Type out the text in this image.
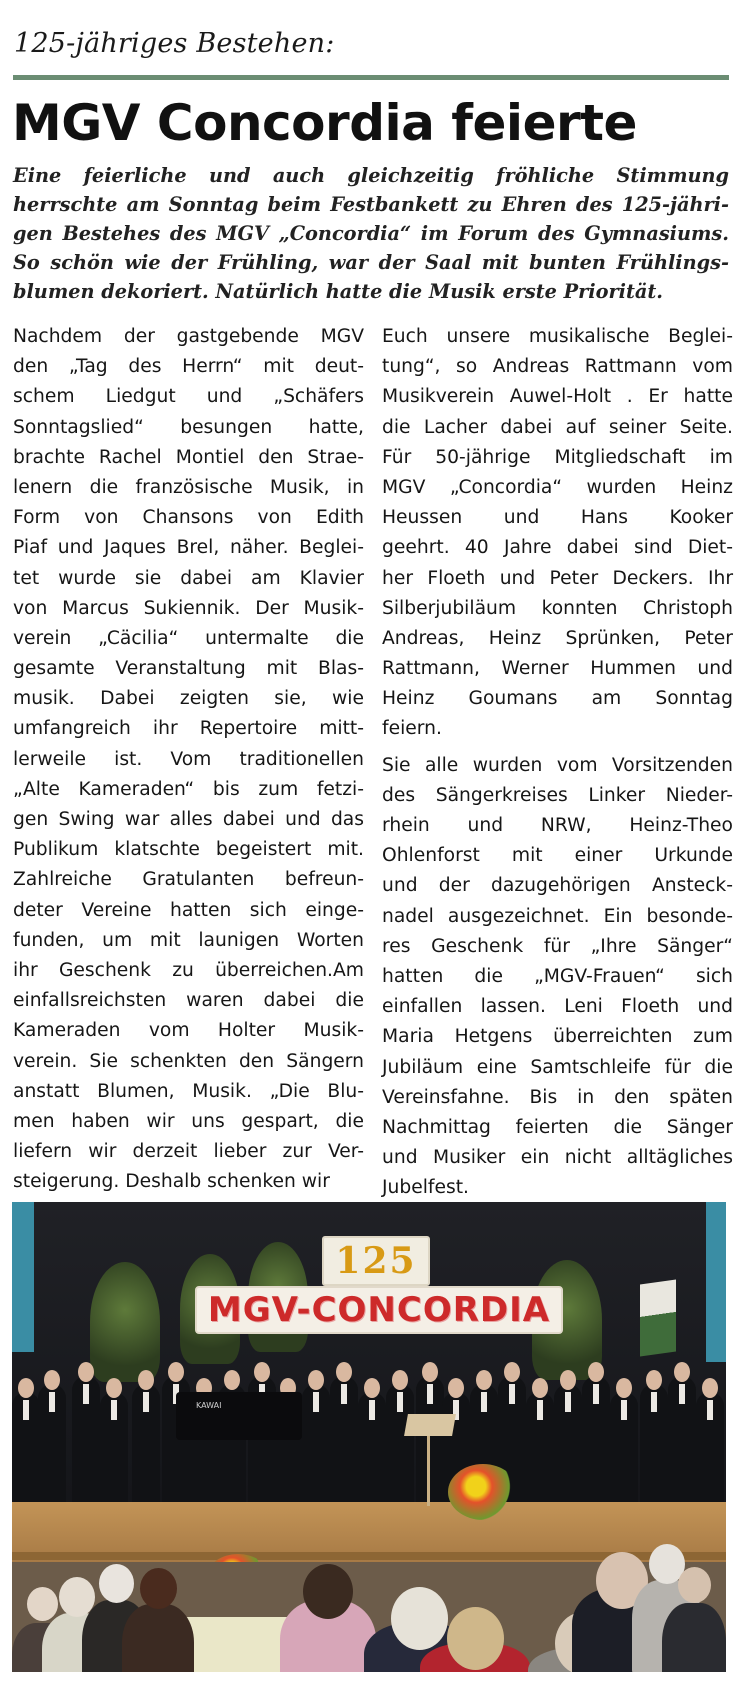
125-jähriges Bestehen:
MGV Concordia feierte
Eine feierliche und auch gleichzeitig fröhliche Stimmung
herrschte am Sonntag beim Festbankett zu Ehren des 125-jähri-
gen Bestehes des MGV „Concordia“ im Forum des Gymnasiums.
So schön wie der Frühling, war der Saal mit bunten Frühlings-
blumen dekoriert. Natürlich hatte die Musik erste Priorität.
Nachdem der gastgebende MGV
den „Tag des Herrn“ mit deut-
schem Liedgut und „Schäfers
Sonntagslied“ besungen hatte,
brachte Rachel Montiel den Strae-
lenern die französische Musik, in
Form von Chansons von Edith
Piaf und Jaques Brel, näher. Beglei-
tet wurde sie dabei am Klavier
von Marcus Sukiennik. Der Musik-
verein „Cäcilia“ untermalte die
gesamte Veranstaltung mit Blas-
musik. Dabei zeigten sie, wie
umfangreich ihr Repertoire mitt-
lerweile ist. Vom traditionellen
„Alte Kameraden“ bis zum fetzi-
gen Swing war alles dabei und das
Publikum klatschte begeistert mit.
Zahlreiche Gratulanten befreun-
deter Vereine hatten sich einge-
funden, um mit launigen Worten
ihr Geschenk zu überreichen.Am
einfallsreichsten waren dabei die
Kameraden vom Holter Musik-
verein. Sie schenkten den Sängern
anstatt Blumen, Musik. „Die Blu-
men haben wir uns gespart, die
liefern wir derzeit lieber zur Ver-
steigerung. Deshalb schenken wir
Euch unsere musikalische Beglei-
tung“, so Andreas Rattmann vom
Musikverein Auwel-Holt . Er hatte
die Lacher dabei auf seiner Seite.
Für 50-jährige Mitgliedschaft im
MGV „Concordia“ wurden Heinz
Heussen und Hans Kooker
geehrt. 40 Jahre dabei sind Diet-
her Floeth und Peter Deckers. Ihr
Silberjubiläum konnten Christoph
Andreas, Heinz Sprünken, Peter
Rattmann, Werner Hummen und
Heinz Goumans am Sonntag
feiern.
Sie alle wurden vom Vorsitzenden
des Sängerkreises Linker Nieder-
rhein und NRW, Heinz-Theo
Ohlenforst mit einer Urkunde
und der dazugehörigen Ansteck-
nadel ausgezeichnet. Ein besonde-
res Geschenk für „Ihre Sänger“
hatten die „MGV-Frauen“ sich
einfallen lassen. Leni Floeth und
Maria Hetgens überreichten zum
Jubiläum eine Samtschleife für die
Vereinsfahne. Bis in den späten
Nachmittag feierten die Sänger
und Musiker ein nicht alltägliches
Jubelfest.
125
MGV-CONCORDIA
KAWAI
